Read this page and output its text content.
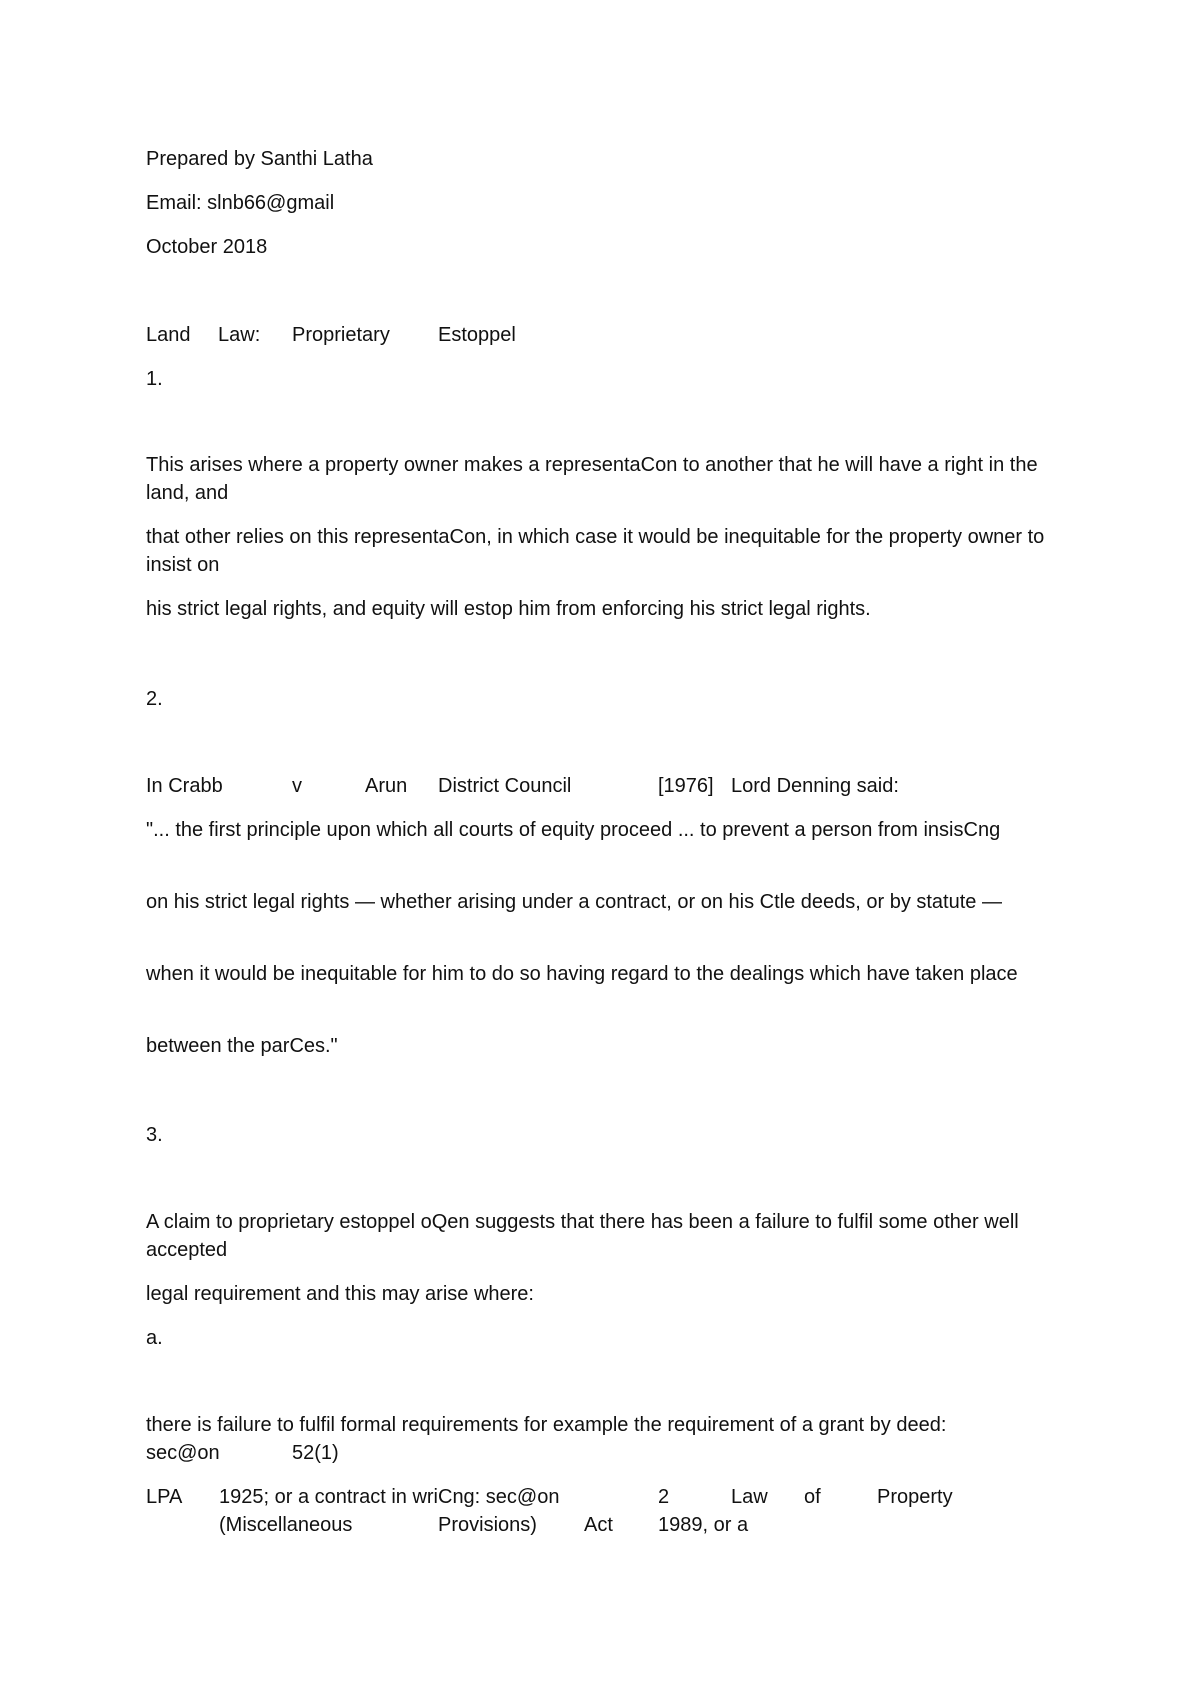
Prepared by Santhi Latha
Email: slnb66@gmail
October 2018
Land Law: Proprietary Estoppel
1.
This arises where a property owner makes a representaCon to another that he will have a right in the land, and
that other relies on this representaCon, in which case it would be inequitable for the property owner to insist on
his strict legal rights, and equity will estop him from enforcing his strict legal rights.
2.
In Crabb	v	Arun District Council	[1976] Lord Denning said:
"... the first principle upon which all courts of equity proceed ... to prevent a person from insisCng
on his strict legal rights — whether arising under a contract, or on his Ctle deeds, or by statute —
when it would be inequitable for him to do so having regard to the dealings which have taken place
between the parCes."
3.
A claim to proprietary estoppel oQen suggests that there has been a failure to fulfil some other well accepted
legal requirement and this may arise where:
a.
there is failure to fulfil formal requirements for example the requirement of a grant by deed:
sec@on	52(1)
LPA 1925; or a contract in wriCng: sec@on	2	Law of	Property
(Miscellaneous	Provisions) Act 1989, or a
